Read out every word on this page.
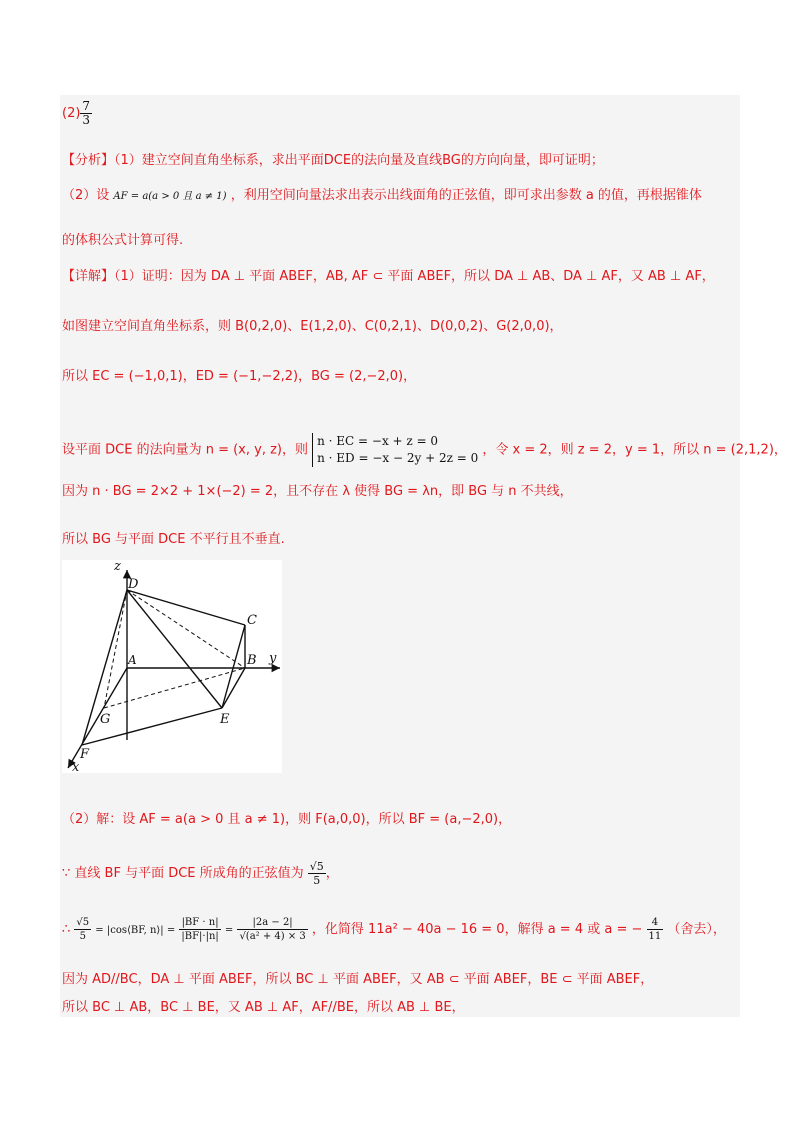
$(2) \frac{7}{3}$
【分析】（1）建立空间直角坐标系，求出平面DCE的法向量及直线BG的方向向量，即可证明；
（2）设 AF = a(a > 0 且 a ≠ 1) ，利用空间向量法求出表示出线面角的正弦值，即可求出参数 a 的值，再根据锥体
的体积公式计算可得.
【详解】（1）证明：因为 DA ⊥ 平面 ABEF，AB, AF ⊂ 平面 ABEF，所以 DA ⊥ AB、DA ⊥ AF，又 AB ⊥ AF，
如图建立空间直角坐标系，则 B(0,2,0)、E(1,2,0)、C(0,2,1)、D(0,0,2)、G(2,0,0)，
所以 EC = (−1,0,1)，ED = (−1,−2,2)，BG = (2,−2,0)，
设平面 DCE 的法向量为 n = (x, y, z)，则
n · EC = −x + z = 0
n · ED = −x − 2y + 2z = 0
，令 x = 2，则 z = 2，y = 1，所以 n = (2,1,2)，
因为 n · BG = 2×2 + 1×(−2) = 2，且不存在 λ 使得 BG = λn，即 BG 与 n 不共线，
所以 BG 与平面 DCE 不平行且不垂直.
z
y
x
D
C
A	B
G	E
F
（2）解：设 AF = a(a > 0 且 a ≠ 1)，则 F(a,0,0)，所以 BF = (a,−2,0)，
∵ 直线 BF 与平面 DCE 所成角的正弦值为 $\frac{√5}{5}$ ，
∴ $\frac{√5}{5}$ = |cos⟨BF, n⟩| = $\frac{|BF \cdot n|}{|BF|\cdot|n|} = \frac{|2a - 2|}{\text{√(a² + 4) × 3}}$ ，化简得 11a² − 40a − 16 = 0，解得 a = 4 或 a = − $\frac{4}{11}$ （舍去），
因为 AD//BC，DA ⊥ 平面 ABEF，所以 BC ⊥ 平面 ABEF，又 AB ⊂ 平面 ABEF，BE ⊂ 平面 ABEF，
所以 BC ⊥ AB，BC ⊥ BE，又 AB ⊥ AF，AF//BE，所以 AB ⊥ BE，
